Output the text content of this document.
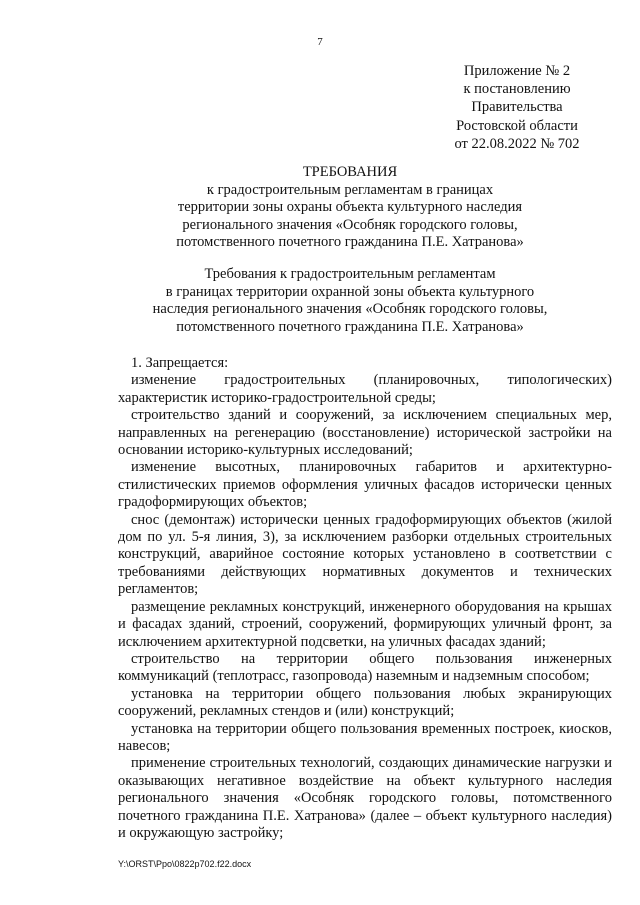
7
Приложение № 2
к постановлению
Правительства
Ростовской области
от 22.08.2022 № 702
ТРЕБОВАНИЯ
к градостроительным регламентам в границах
территории зоны охраны объекта культурного наследия
регионального значения «Особняк городского головы,
потомственного почетного гражданина П.Е. Хатранова»
Требования к градостроительным регламентам
в границах территории охранной зоны объекта культурного
наследия регионального значения «Особняк городского головы,
потомственного почетного гражданина П.Е. Хатранова»
1. Запрещается:
изменение градостроительных (планировочных, типологических) характеристик историко-градостроительной среды;
строительство зданий и сооружений, за исключением специальных мер, направленных на регенерацию (восстановление) исторической застройки на основании историко-культурных исследований;
изменение высотных, планировочных габаритов и архитектурно-стилистических приемов оформления уличных фасадов исторически ценных градоформирующих объектов;
снос (демонтаж) исторически ценных градоформирующих объектов (жилой дом по ул. 5-я линия, 3), за исключением разборки отдельных строительных конструкций, аварийное состояние которых установлено в соответствии с требованиями действующих нормативных документов и технических регламентов;
размещение рекламных конструкций, инженерного оборудования на крышах и фасадах зданий, строений, сооружений, формирующих уличный фронт, за исключением архитектурной подсветки, на уличных фасадах зданий;
строительство на территории общего пользования инженерных коммуникаций (теплотрасс, газопровода) наземным и надземным способом;
установка на территории общего пользования любых экранирующих сооружений, рекламных стендов и (или) конструкций;
установка на территории общего пользования временных построек, киосков, навесов;
применение строительных технологий, создающих динамические нагрузки и оказывающих негативное воздействие на объект культурного наследия регионального значения «Особняк городского головы, потомственного почетного гражданина П.Е. Хатранова» (далее – объект культурного наследия) и окружающую застройку;
Y:\ORST\Ppo\0822p702.f22.docx
